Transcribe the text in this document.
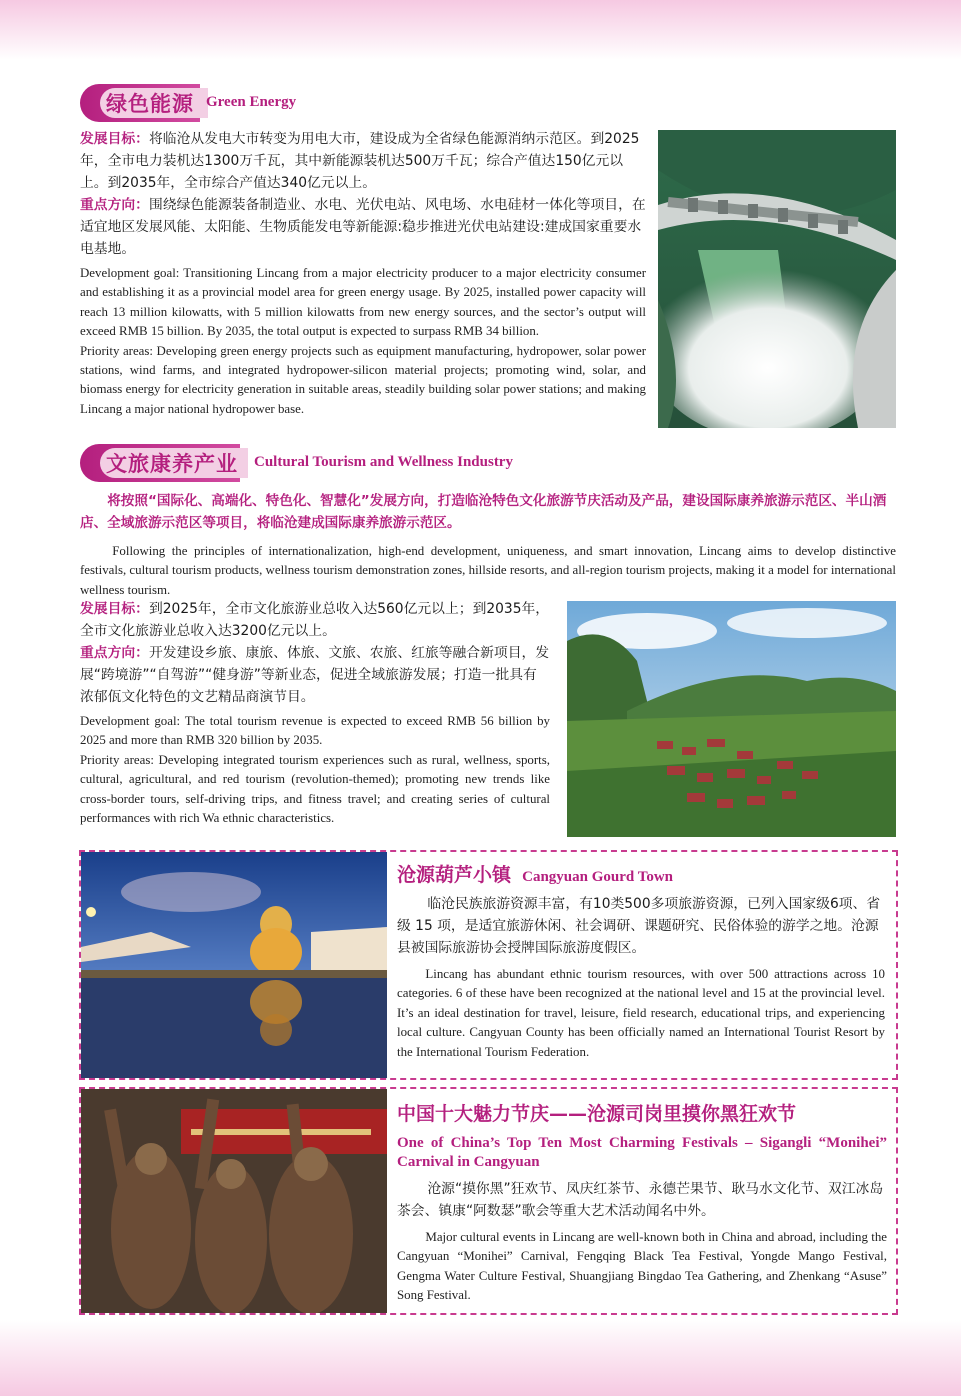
绿色能源 Green Energy

发展目标：将临沧从发电大市转变为用电大市，建设成为全省绿色能源消纳示范区。到2025年，全市电力装机达1300万千瓦，其中新能源装机达500万千瓦；综合产值达150亿元以上。到2035年，全市综合产值达340亿元以上。

重点方向：围绕绿色能源装备制造业、水电、光伏电站、风电场、水电硅材一体化等项目，在适宜地区发展风能、太阳能、生物质能发电等新能源:稳步推进光伏电站建设:建成国家重要水电基地。

Development goal: Transitioning Lincang from a major electricity producer to a major electricity consumer and establishing it as a provincial model area for green energy usage. By 2025, installed power capacity will reach 13 million kilowatts, with 5 million kilowatts from new energy sources, and the sector’s output will exceed RMB 15 billion. By 2035, the total output is expected to surpass RMB 34 billion.

Priority areas: Developing green energy projects such as equipment manufacturing, hydropower, solar power stations, wind farms, and integrated hydropower-silicon material projects; promoting wind, solar, and biomass energy for electricity generation in suitable areas, steadily building solar power stations; and making Lincang a major national hydropower base.

文旅康养产业 Cultural Tourism and Wellness Industry

将按照“国际化、高端化、特色化、智慧化”发展方向，打造临沧特色文化旅游节庆活动及产品，建设国际康养旅游示范区、半山酒店、全域旅游示范区等项目，将临沧建成国际康养旅游示范区。

Following the principles of internationalization, high-end development, uniqueness, and smart innovation, Lincang aims to develop distinctive festivals, cultural tourism products, wellness tourism demonstration zones, hillside resorts, and all-region tourism projects, making it a model for international wellness tourism.

发展目标：到2025年，全市文化旅游业总收入达560亿元以上；到2035年，全市文化旅游业总收入达3200亿元以上。

重点方向：开发建设乡旅、康旅、体旅、文旅、农旅、红旅等融合新项目，发展“跨境游”“自驾游”“健身游”等新业态，促进全域旅游发展；打造一批具有浓郁佤文化特色的文艺精品商演节目。

Development goal: The total tourism revenue is expected to exceed RMB 56 billion by 2025 and more than RMB 320 billion by 2035.

Priority areas: Developing integrated tourism experiences such as rural, wellness, sports, cultural, agricultural, and red tourism (revolution-themed); promoting new trends like cross-border tours, self-driving trips, and fitness travel; and creating series of cultural performances with rich Wa ethnic characteristics.

沧源葫芦小镇 Cangyuan Gourd Town

临沧民族旅游资源丰富，有10类500多项旅游资源，已列入国家级6项、省级 15 项，是适宜旅游休闲、社会调研、课题研究、民俗体验的游学之地。沧源县被国际旅游协会授牌国际旅游度假区。

Lincang has abundant ethnic tourism resources, with over 500 attractions across 10 categories. 6 of these have been recognized at the national level and 15 at the provincial level. It’s an ideal destination for travel, leisure, field research, educational trips, and experiencing local culture. Cangyuan County has been officially named an International Tourist Resort by the International Tourism Federation.

中国十大魅力节庆——沧源司岗里摸你黑狂欢节

One of China’s Top Ten Most Charming Festivals – Sigangli “Monihei” Carnival in Cangyuan

沧源“摸你黑”狂欢节、凤庆红茶节、永德芒果节、耿马水文化节、双江冰岛茶会、镇康“阿数瑟”歌会等重大艺术活动闻名中外。

Major cultural events in Lincang are well-known both in China and abroad, including the Cangyuan “Monihei” Carnival, Fengqing Black Tea Festival, Yongde Mango Festival, Gengma Water Culture Festival, Shuangjiang Bingdao Tea Gathering, and Zhenkang “Asuse” Song Festival.
